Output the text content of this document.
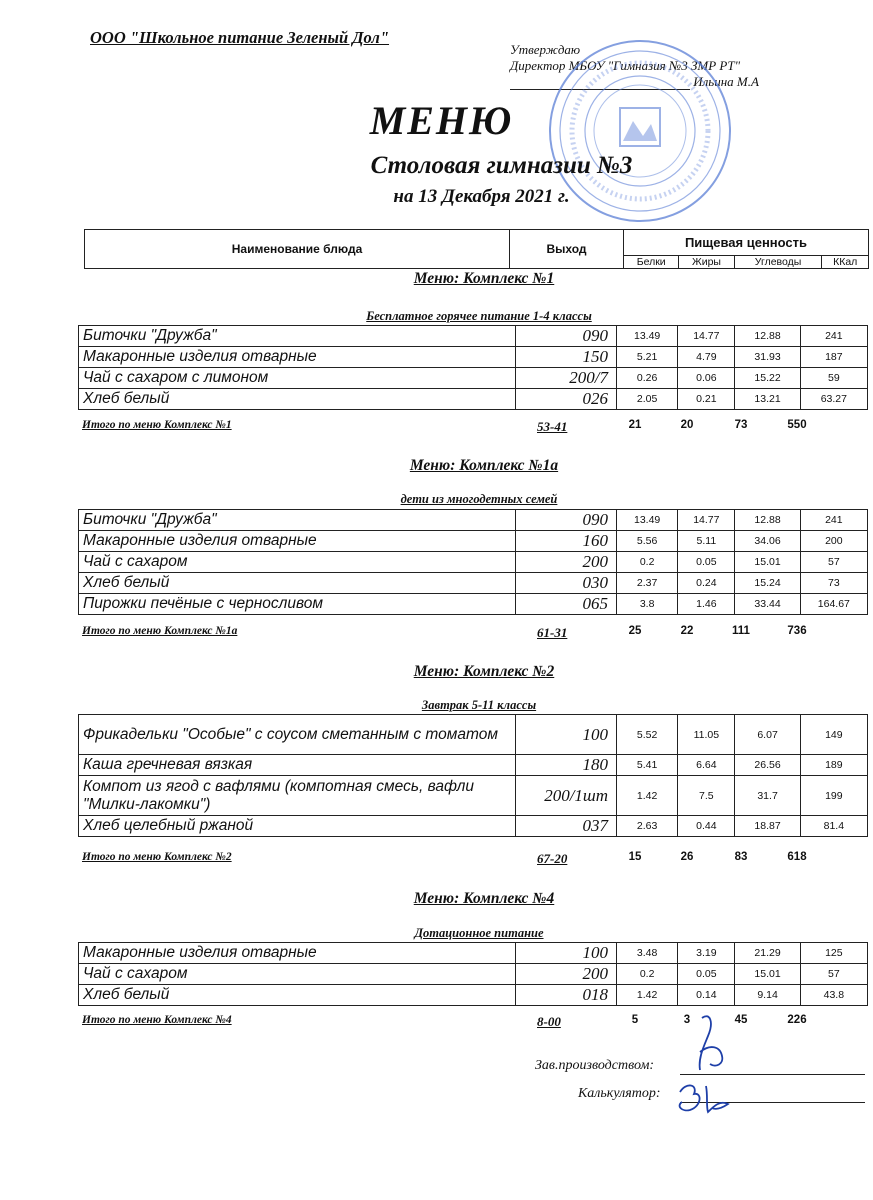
ООО "Школьное питание Зеленый Дол"
Утверждаю
Директор МБОУ "Гимназия №3 ЗМР РТ"
Ильина М.А
МЕНЮ
Столовая гимназии №3
на 13 Декабря 2021 г.
Наименование блюда	Выход	Пищевая ценность			
		Белки	Жиры	Углеводы	ККал
Меню: Комплекс №1
Бесплатное горячее питание 1-4 классы
Биточки "Дружба"	090	13.49	14.77	12.88	241
Макаронные изделия отварные	150	5.21	4.79	31.93	187
Чай с сахаром с лимоном	200/7	0.26	0.06	15.22	59
Хлеб белый	026	2.05	0.21	13.21	63.27
Итого по меню Комплекс №1	53-41	21	20	73	550
Меню: Комплекс №1а
дети из многодетных семей
Биточки "Дружба"	090	13.49	14.77	12.88	241
Макаронные изделия отварные	160	5.56	5.11	34.06	200
Чай с сахаром	200	0.2	0.05	15.01	57
Хлеб белый	030	2.37	0.24	15.24	73
Пирожки печёные с черносливом	065	3.8	1.46	33.44	164.67
Итого по меню Комплекс №1а	61-31	25	22	111	736
Меню: Комплекс №2
Завтрак 5-11 классы
Фрикадельки "Особые" с соусом сметанным с томатом	100	5.52	11.05	6.07	149
Каша гречневая вязкая	180	5.41	6.64	26.56	189
Компот из ягод с вафлями (компотная смесь, вафли "Милки-лакомки")	200/1шт	1.42	7.5	31.7	199
Хлеб целебный ржаной	037	2.63	0.44	18.87	81.4
Итого по меню Комплекс №2	67-20	15	26	83	618
Меню: Комплекс №4
Дотационное питание
Макаронные изделия отварные	100	3.48	3.19	21.29	125
Чай с сахаром	200	0.2	0.05	15.01	57
Хлеб белый	018	1.42	0.14	9.14	43.8
Итого по меню Комплекс №4	8-00	5	3	45	226
Зав.производством:
Калькулятор:
